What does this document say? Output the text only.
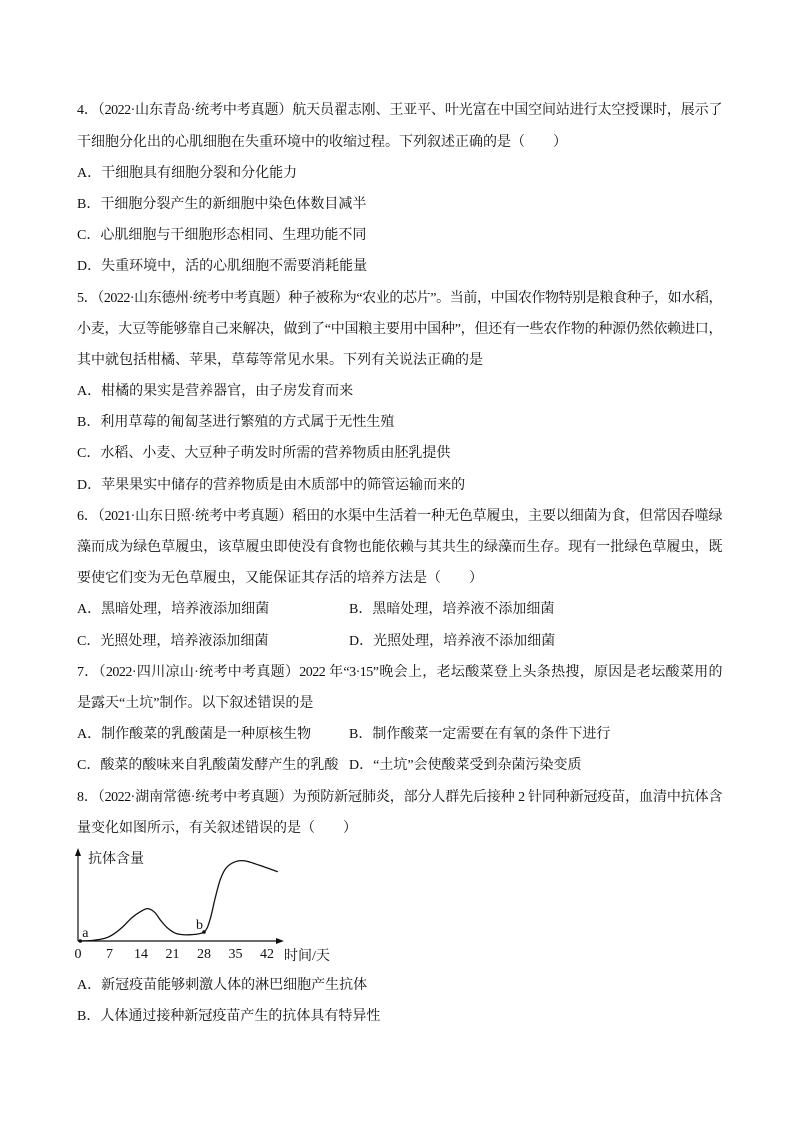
4．（2022·山东青岛·统考中考真题）航天员翟志刚、王亚平、叶光富在中国空间站进行太空授课时，展示了
干细胞分化出的心肌细胞在失重环境中的收缩过程。下列叙述正确的是（　　）
A．干细胞具有细胞分裂和分化能力
B．干细胞分裂产生的新细胞中染色体数目减半
C．心肌细胞与干细胞形态相同、生理功能不同
D．失重环境中，活的心肌细胞不需要消耗能量
5．（2022·山东德州·统考中考真题）种子被称为“农业的芯片”。当前，中国农作物特别是粮食种子，如水稻，
小麦，大豆等能够靠自己来解决，做到了“中国粮主要用中国种”，但还有一些农作物的种源仍然依赖进口，
其中就包括柑橘、苹果，草莓等常见水果。下列有关说法正确的是
A．柑橘的果实是营养器官，由子房发育而来
B．利用草莓的匍匐茎进行繁殖的方式属于无性生殖
C．水稻、小麦、大豆种子萌发时所需的营养物质由胚乳提供
D．苹果果实中储存的营养物质是由木质部中的筛管运输而来的
6．（2021·山东日照·统考中考真题）稻田的水渠中生活着一种无色草履虫，主要以细菌为食，但常因吞噬绿
藻而成为绿色草履虫，该草履虫即使没有食物也能依赖与其共生的绿藻而生存。现有一批绿色草履虫，既
要使它们变为无色草履虫，又能保证其存活的培养方法是（　　）
A．黑暗处理，培养液添加细菌	B．黑暗处理，培养液不添加细菌
C．光照处理，培养液添加细菌	D．光照处理，培养液不添加细菌
7．（2022·四川凉山·统考中考真题）2022 年“3·15”晚会上，老坛酸菜登上头条热搜，原因是老坛酸菜用的
是露天“土坑”制作。以下叙述错误的是
A．制作酸菜的乳酸菌是一种原核生物	B．制作酸菜一定需要在有氧的条件下进行
C．酸菜的酸味来自乳酸菌发酵产生的乳酸 D．“土坑”会使酸菜受到杂菌污染变质
8．（2022·湖南常德·统考中考真题）为预防新冠肺炎，部分人群先后接种 2 针同种新冠疫苗，血清中抗体含
量变化如图所示，有关叙述错误的是（　　）
抗体含量
时间/天
0 7 14 21 28 35 42
a
b
A．新冠疫苗能够刺激人体的淋巴细胞产生抗体
B．人体通过接种新冠疫苗产生的抗体具有特异性
